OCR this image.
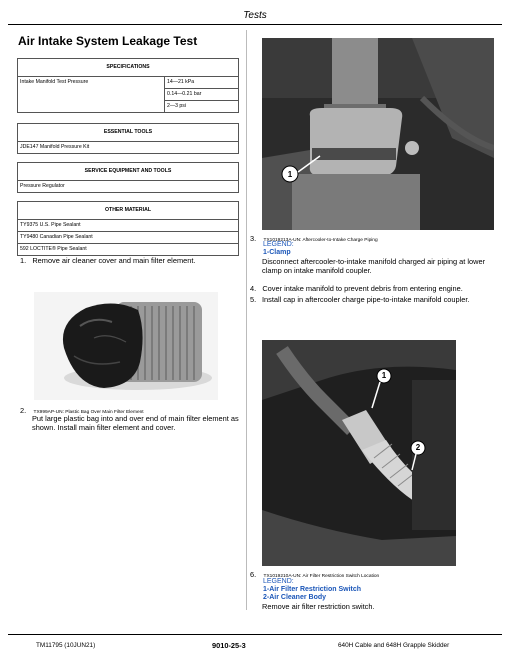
Tests
Air Intake System Leakage Test
SPECIFICATIONS
Intake Manifold Test Pressure	14—21 kPa
0.14—0.21 bar
2—3 psi
ESSENTIAL TOOLS
JDE147 Manifold Pressure Kit
SERVICE EQUIPMENT AND TOOLS
Pressure Regulator
OTHER MATERIAL
TY9375 U.S. Pipe Sealant
TY9480 Canadian Pipe Sealant
592 LOCTITE® Pipe Sealant
1. Remove air cleaner cover and main filter element.
2. TX999AP-UN: Plastic Bag Over Main Filter Element
Put large plastic bag into and over end of main filter element as shown. Install main filter element and cover.
1
3. TX1019213A-UN: Aftercooler-to-Intake Charge Piping
LEGEND:
1-Clamp
Disconnect aftercooler-to-intake manifold charged air piping at lower clamp on intake manifold coupler.
4. Cover intake manifold to prevent debris from entering engine.
5. Install cap in aftercooler charge pipe-to-intake manifold coupler.
1
2
6. TX1019210A-UN: Air Filter Restriction Switch Location
LEGEND:
1-Air Filter Restriction Switch
2-Air Cleaner Body
Remove air filter restriction switch.
TM11795 (10JUN21)	9010-25-3	640H Cable and 648H Grapple Skidder
